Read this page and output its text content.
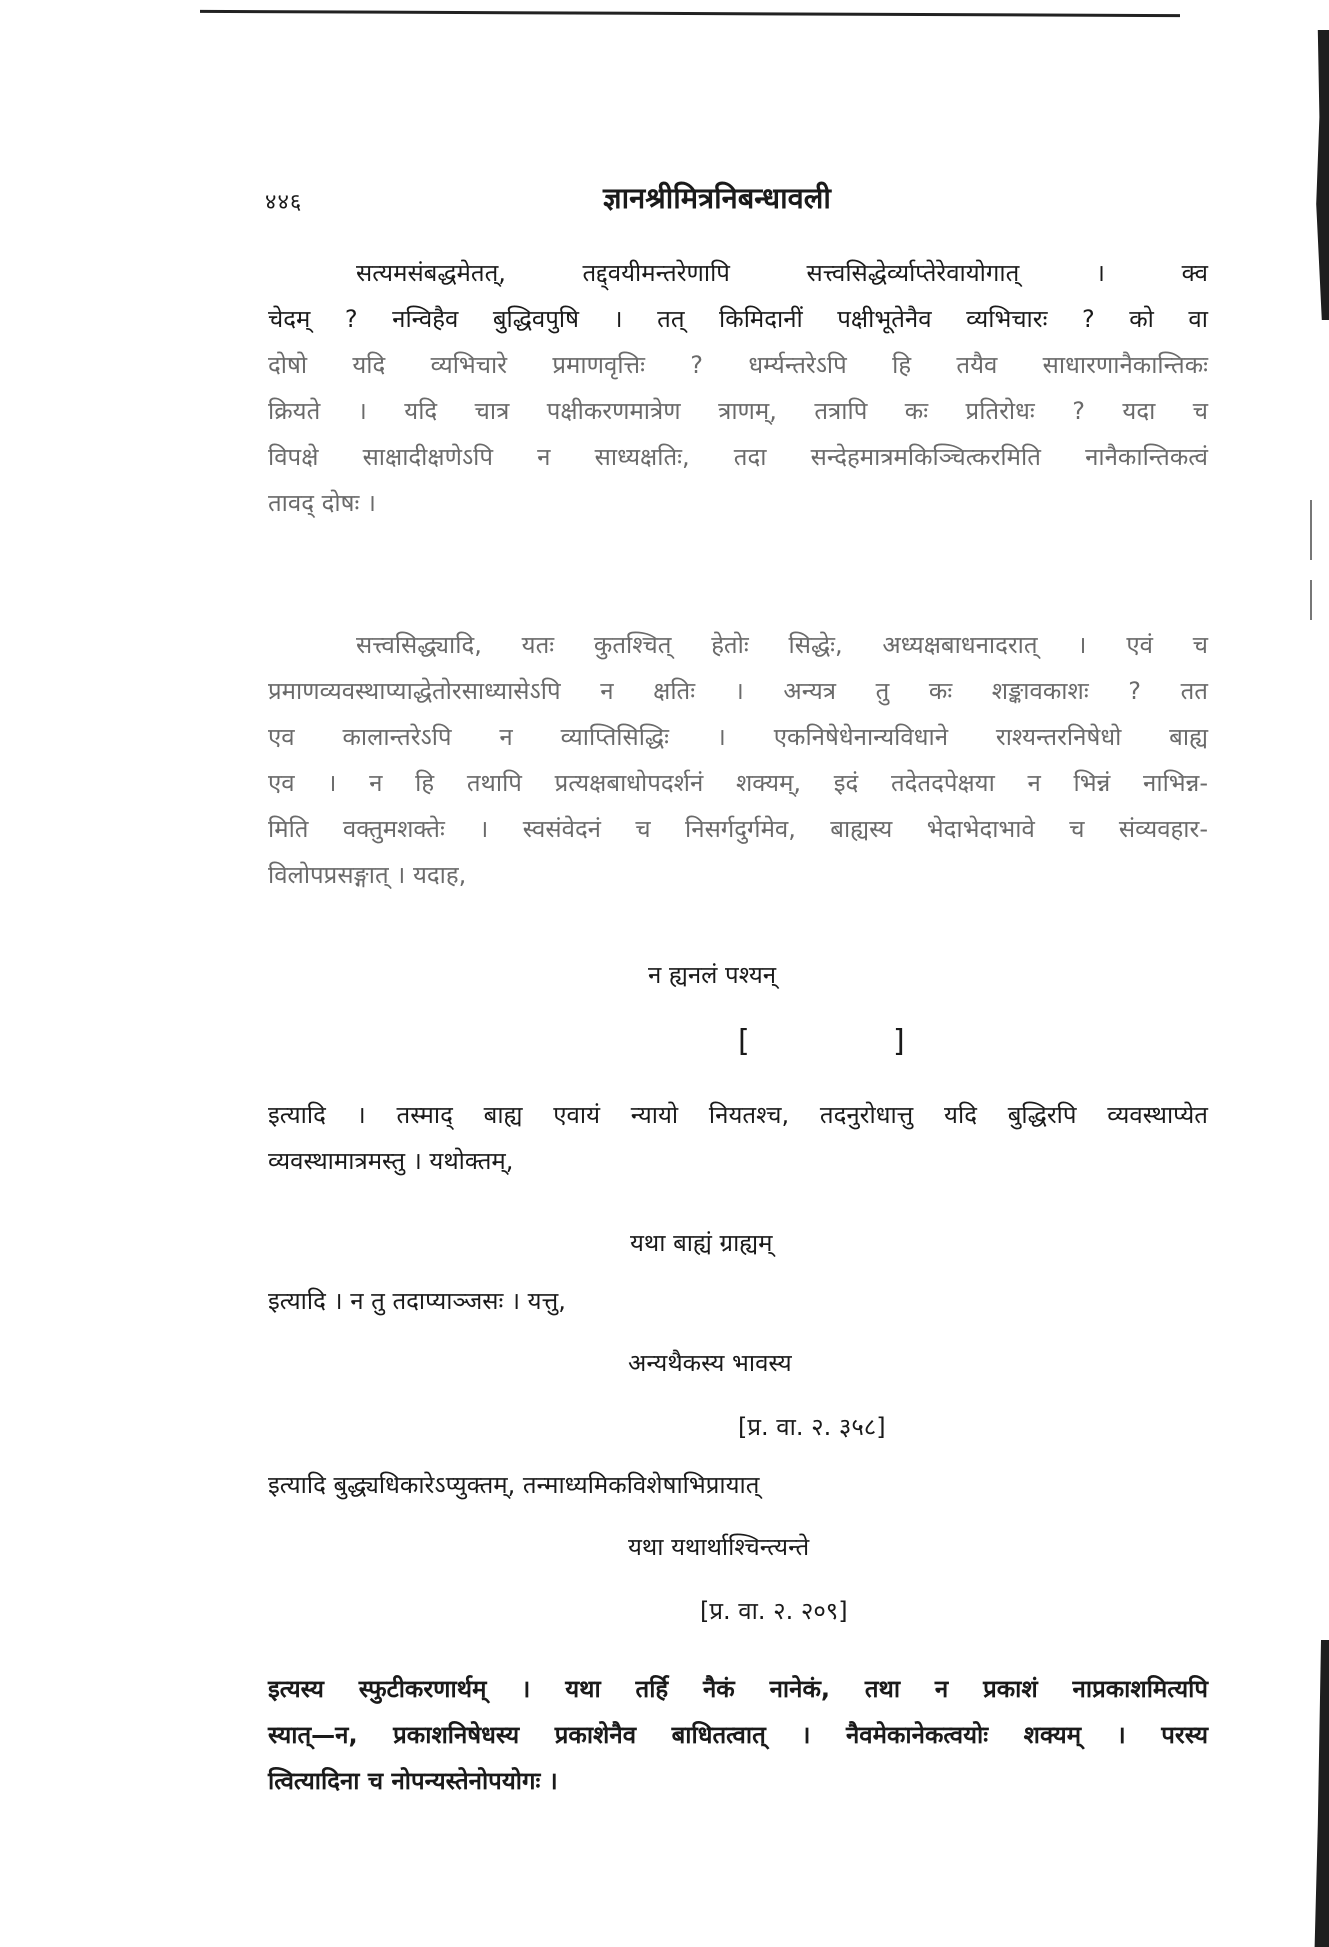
४४६	ज्ञानश्रीमित्रनिबन्धावली
सत्यमसंबद्धमेतत्, तद्द्वयीमन्तरेणापि सत्त्वसिद्धेर्व्याप्तेरेवायोगात् । क्व
चेदम् ? नन्विहैव बुद्धिवपुषि । तत् किमिदानीं पक्षीभूतेनैव व्यभिचारः ? को वा
दोषो यदि व्यभिचारे प्रमाणवृत्तिः ? धर्म्यन्तरेऽपि हि तयैव साधारणानैकान्तिकः
क्रियते । यदि चात्र पक्षीकरणमात्रेण त्राणम्, तत्रापि कः प्रतिरोधः ? यदा च
विपक्षे साक्षादीक्षणेऽपि न साध्यक्षतिः, तदा सन्देहमात्रमकिञ्चित्करमिति नानैकान्तिकत्वं
तावद् दोषः ।
सत्त्वसिद्ध्यादि, यतः कुतश्चित् हेतोः सिद्धेः, अध्यक्षबाधनादरात् । एवं च
प्रमाणव्यवस्थाप्याद्धेतोरसाध्यासेऽपि न क्षतिः । अन्यत्र तु कः शङ्कावकाशः ? तत
एव कालान्तरेऽपि न व्याप्तिसिद्धिः । एकनिषेधेनान्यविधाने राश्यन्तरनिषेधो बाह्य
एव । न हि तथापि प्रत्यक्षबाधोपदर्शनं शक्यम्, इदं तदेतदपेक्षया न भिन्नं नाभिन्न-
मिति वक्तुमशक्तेः । स्वसंवेदनं च निसर्गदुर्गमेव, बाह्यस्य भेदाभेदाभावे च संव्यवहार-
विलोपप्रसङ्गात् । यदाह,
न ह्यनलं पश्यन्
[	]
इत्यादि । तस्माद् बाह्य एवायं न्यायो नियतश्च, तदनुरोधात्तु यदि बुद्धिरपि व्यवस्थाप्येत
व्यवस्थामात्रमस्तु । यथोक्तम्,
यथा बाह्यं ग्राह्यम्
इत्यादि । न तु तदाप्याञ्जसः । यत्तु,
अन्यथैकस्य भावस्य
[प्र. वा. २. ३५८]
इत्यादि बुद्ध्यधिकारेऽप्युक्तम्, तन्माध्यमिकविशेषाभिप्रायात्
यथा यथार्थाश्चिन्त्यन्ते
[प्र. वा. २. २०९]
इत्यस्य स्फुटीकरणार्थम् । यथा तर्हि नैकं नानेकं, तथा न प्रकाशं नाप्रकाशमित्यपि
स्यात्—न, प्रकाशनिषेधस्य प्रकाशेनैव बाधितत्वात् । नैवमेकानेकत्वयोः शक्यम् । परस्य
त्वित्यादिना च नोपन्यस्तेनोपयोगः ।
